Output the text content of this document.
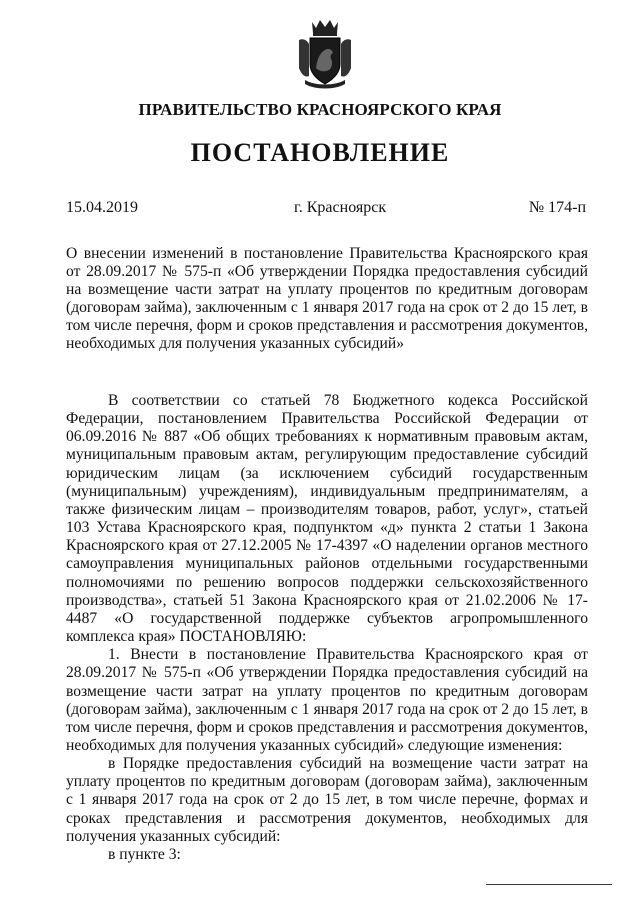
ПРАВИТЕЛЬСТВО КРАСНОЯРСКОГО КРАЯ
ПОСТАНОВЛЕНИЕ
15.04.2019	г. Красноярск	№ 174-п
О внесении изменений в постановление Правительства Красноярского края от 28.09.2017 № 575-п «Об утверждении Порядка предоставления субсидий на возмещение части затрат на уплату процентов по кредитным договорам (договорам займа), заключенным с 1 января 2017 года на срок от 2 до 15 лет, в том числе перечня, форм и сроков представления и рассмотрения документов, необходимых для получения указанных субсидий»

В соответствии со статьей 78 Бюджетного кодекса Российской Федерации, постановлением Правительства Российской Федерации от 06.09.2016 № 887 «Об общих требованиях к нормативным правовым актам, муниципальным правовым актам, регулирующим предоставление субсидий юридическим лицам (за исключением субсидий государственным (муниципальным) учреждениям), индивидуальным предпринимателям, а также физическим лицам – производителям товаров, работ, услуг», статьей 103 Устава Красноярского края, подпунктом «д» пункта 2 статьи 1 Закона Красноярского края от 27.12.2005 № 17-4397 «О наделении органов местного самоуправления муниципальных районов отдельными государственными полномочиями по решению вопросов поддержки сельскохозяйственного производства», статьей 51 Закона Красноярского края от 21.02.2006 № 17-4487 «О государственной поддержке субъектов агропромышленного комплекса края» ПОСТАНОВЛЯЮ:

1. Внести в постановление Правительства Красноярского края от 28.09.2017 № 575-п «Об утверждении Порядка предоставления субсидий на возмещение части затрат на уплату процентов по кредитным договорам (договорам займа), заключенным с 1 января 2017 года на срок от 2 до 15 лет, в том числе перечня, форм и сроков представления и рассмотрения документов, необходимых для получения указанных субсидий» следующие изменения:

в Порядке предоставления субсидий на возмещение части затрат на уплату процентов по кредитным договорам (договорам займа), заключенным с 1 января 2017 года на срок от 2 до 15 лет, в том числе перечне, формах и сроках представления и рассмотрения документов, необходимых для получения указанных субсидий:

в пункте 3:
